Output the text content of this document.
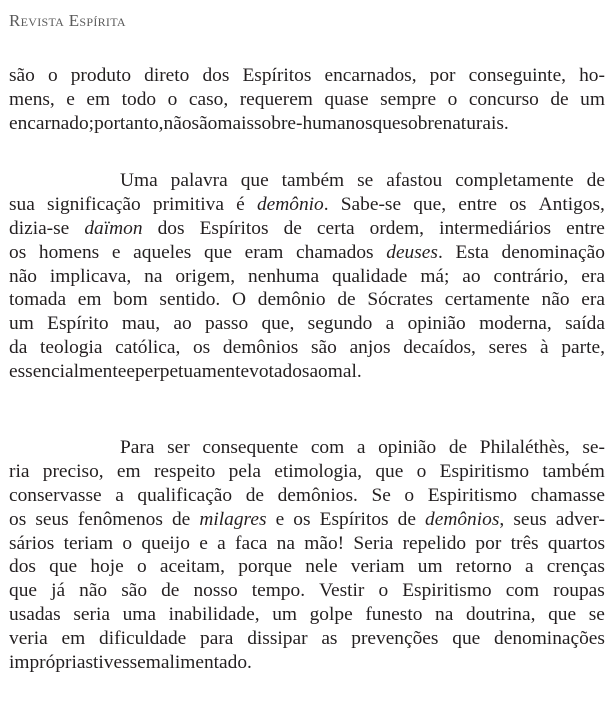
Revista Espírita
são o produto direto dos Espíritos encarnados, por conseguinte, ho-
mens, e em todo o caso, requerem quase sempre o concurso de um
encarnado; portanto, não são mais sobre-humanos que sobrenaturais.
Uma palavra que também se afastou completamente de
sua significação primitiva é demônio. Sabe-se que, entre os Antigos,
dizia-se daïmon dos Espíritos de certa ordem, intermediários entre
os homens e aqueles que eram chamados deuses. Esta denominação
não implicava, na origem, nenhuma qualidade má; ao contrário, era
tomada em bom sentido. O demônio de Sócrates certamente não era
um Espírito mau, ao passo que, segundo a opinião moderna, saída
da teologia católica, os demônios são anjos decaídos, seres à parte,
essencialmente e perpetuamente votados ao mal.
Para ser consequente com a opinião de Philaléthès, se-
ria preciso, em respeito pela etimologia, que o Espiritismo também
conservasse a qualificação de demônios. Se o Espiritismo chamasse
os seus fenômenos de milagres e os Espíritos de demônios, seus adver-
sários teriam o queijo e a faca na mão! Seria repelido por três quartos
dos que hoje o aceitam, porque nele veriam um retorno a crenças
que já não são de nosso tempo. Vestir o Espiritismo com roupas
usadas seria uma inabilidade, um golpe funesto na doutrina, que se
veria em dificuldade para dissipar as prevenções que denominações
impróprias tivessem alimentado.
